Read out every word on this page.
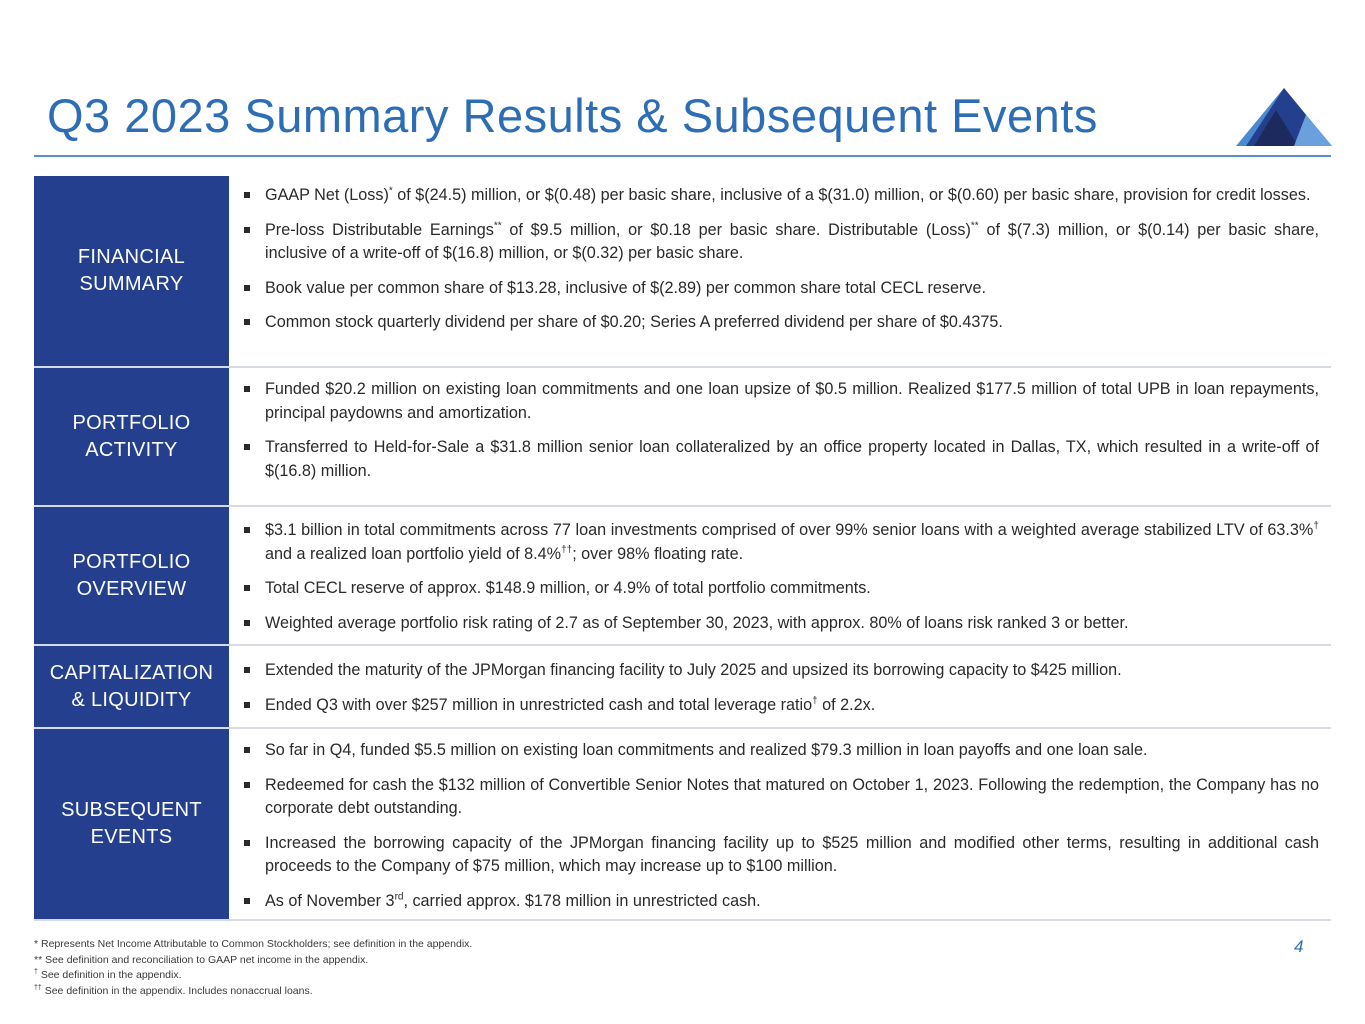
Q3 2023 Summary Results & Subsequent Events
FINANCIAL
SUMMARY
GAAP Net (Loss)* of $(24.5) million, or $(0.48) per basic share, inclusive of a $(31.0) million, or $(0.60) per basic share, provision for credit losses.
Pre-loss Distributable Earnings** of $9.5 million, or $0.18 per basic share. Distributable (Loss)** of $(7.3) million, or $(0.14) per basic share, inclusive of a write-off of $(16.8) million, or $(0.32) per basic share.
Book value per common share of $13.28, inclusive of $(2.89) per common share total CECL reserve.
Common stock quarterly dividend per share of $0.20; Series A preferred dividend per share of $0.4375.
PORTFOLIO
ACTIVITY
Funded $20.2 million on existing loan commitments and one loan upsize of $0.5 million. Realized $177.5 million of total UPB in loan repayments, principal paydowns and amortization.
Transferred to Held-for-Sale a $31.8 million senior loan collateralized by an office property located in Dallas, TX, which resulted in a write-off of $(16.8) million.
PORTFOLIO
OVERVIEW
$3.1 billion in total commitments across 77 loan investments comprised of over 99% senior loans with a weighted average stabilized LTV of 63.3%† and a realized loan portfolio yield of 8.4%††; over 98% floating rate.
Total CECL reserve of approx. $148.9 million, or 4.9% of total portfolio commitments.
Weighted average portfolio risk rating of 2.7 as of September 30, 2023, with approx. 80% of loans risk ranked 3 or better.
CAPITALIZATION
& LIQUIDITY
Extended the maturity of the JPMorgan financing facility to July 2025 and upsized its borrowing capacity to $425 million.
Ended Q3 with over $257 million in unrestricted cash and total leverage ratio† of 2.2x.
SUBSEQUENT
EVENTS
So far in Q4, funded $5.5 million on existing loan commitments and realized $79.3 million in loan payoffs and one loan sale.
Redeemed for cash the $132 million of Convertible Senior Notes that matured on October 1, 2023. Following the redemption, the Company has no corporate debt outstanding.
Increased the borrowing capacity of the JPMorgan financing facility up to $525 million and modified other terms, resulting in additional cash proceeds to the Company of $75 million, which may increase up to $100 million.
As of November 3rd, carried approx. $178 million in unrestricted cash.
* Represents Net Income Attributable to Common Stockholders; see definition in the appendix.
** See definition and reconciliation to GAAP net income in the appendix.
† See definition in the appendix.
†† See definition in the appendix. Includes nonaccrual loans.
4
